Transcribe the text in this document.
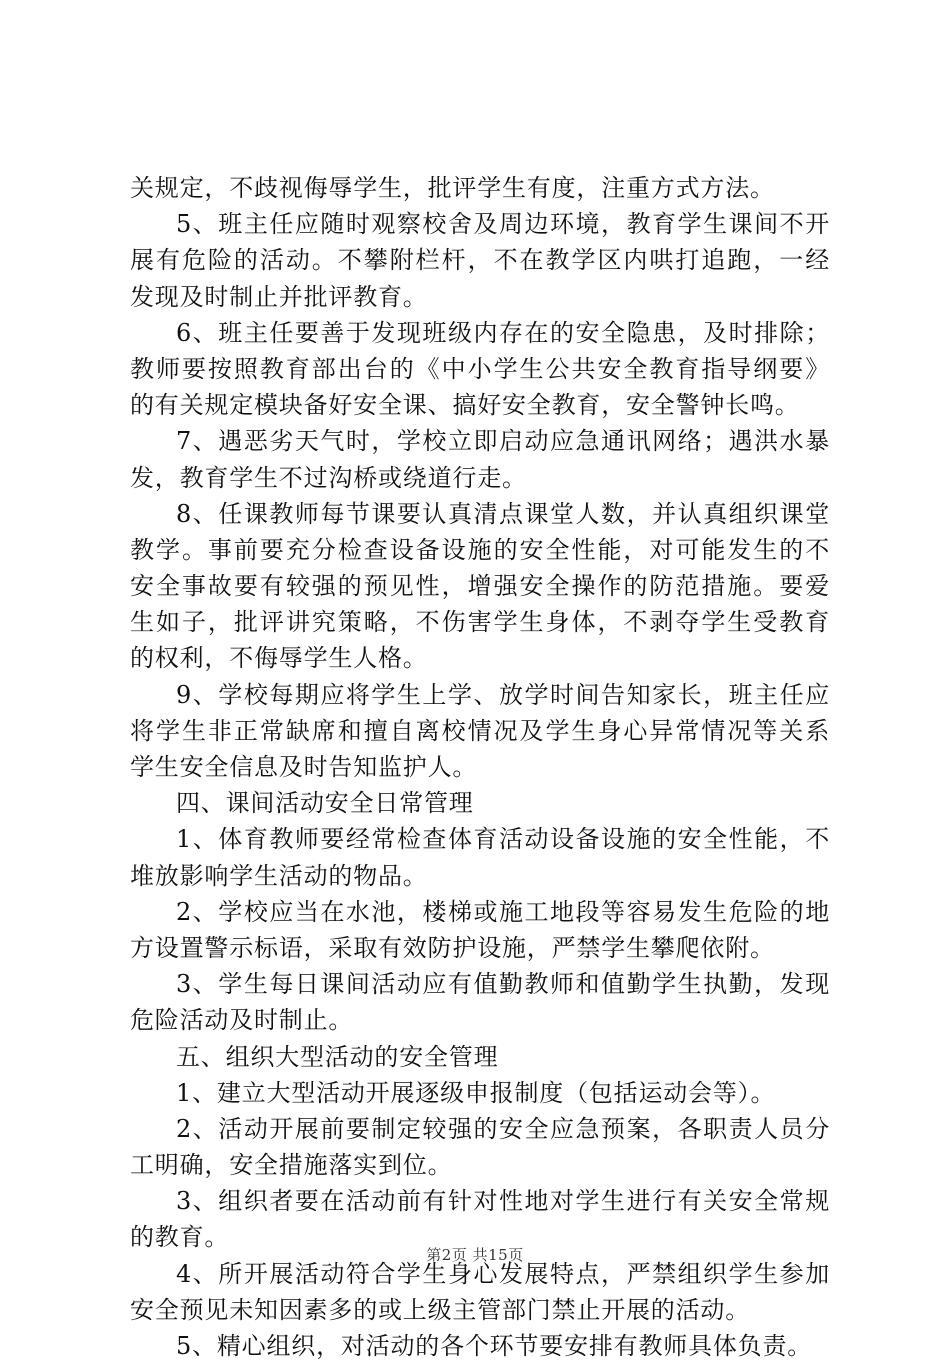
关规定，不歧视侮辱学生，批评学生有度，注重方式方法。
5、班主任应随时观察校舍及周边环境，教育学生课间不开
展有危险的活动。不攀附栏杆，不在教学区内哄打追跑，一经
发现及时制止并批评教育。
6、班主任要善于发现班级内存在的安全隐患，及时排除；
教师要按照教育部出台的《中小学生公共安全教育指导纲要》
的有关规定模块备好安全课、搞好安全教育，安全警钟长鸣。
7、遇恶劣天气时，学校立即启动应急通讯网络；遇洪水暴
发，教育学生不过沟桥或绕道行走。
8、任课教师每节课要认真清点课堂人数，并认真组织课堂
教学。事前要充分检查设备设施的安全性能，对可能发生的不
安全事故要有较强的预见性，增强安全操作的防范措施。要爱
生如子，批评讲究策略，不伤害学生身体，不剥夺学生受教育
的权利，不侮辱学生人格。
9、学校每期应将学生上学、放学时间告知家长，班主任应
将学生非正常缺席和擅自离校情况及学生身心异常情况等关系
学生安全信息及时告知监护人。
四、课间活动安全日常管理
1、体育教师要经常检查体育活动设备设施的安全性能，不
堆放影响学生活动的物品。
2、学校应当在水池，楼梯或施工地段等容易发生危险的地
方设置警示标语，采取有效防护设施，严禁学生攀爬依附。
3、学生每日课间活动应有值勤教师和值勤学生执勤，发现
危险活动及时制止。
五、组织大型活动的安全管理
1、建立大型活动开展逐级申报制度（包括运动会等）。
2、活动开展前要制定较强的安全应急预案，各职责人员分
工明确，安全措施落实到位。
3、组织者要在活动前有针对性地对学生进行有关安全常规
的教育。
4、所开展活动符合学生身心发展特点，严禁组织学生参加
安全预见未知因素多的或上级主管部门禁止开展的活动。
5、精心组织，对活动的各个环节要安排有教师具体负责。
第2页 共15页
